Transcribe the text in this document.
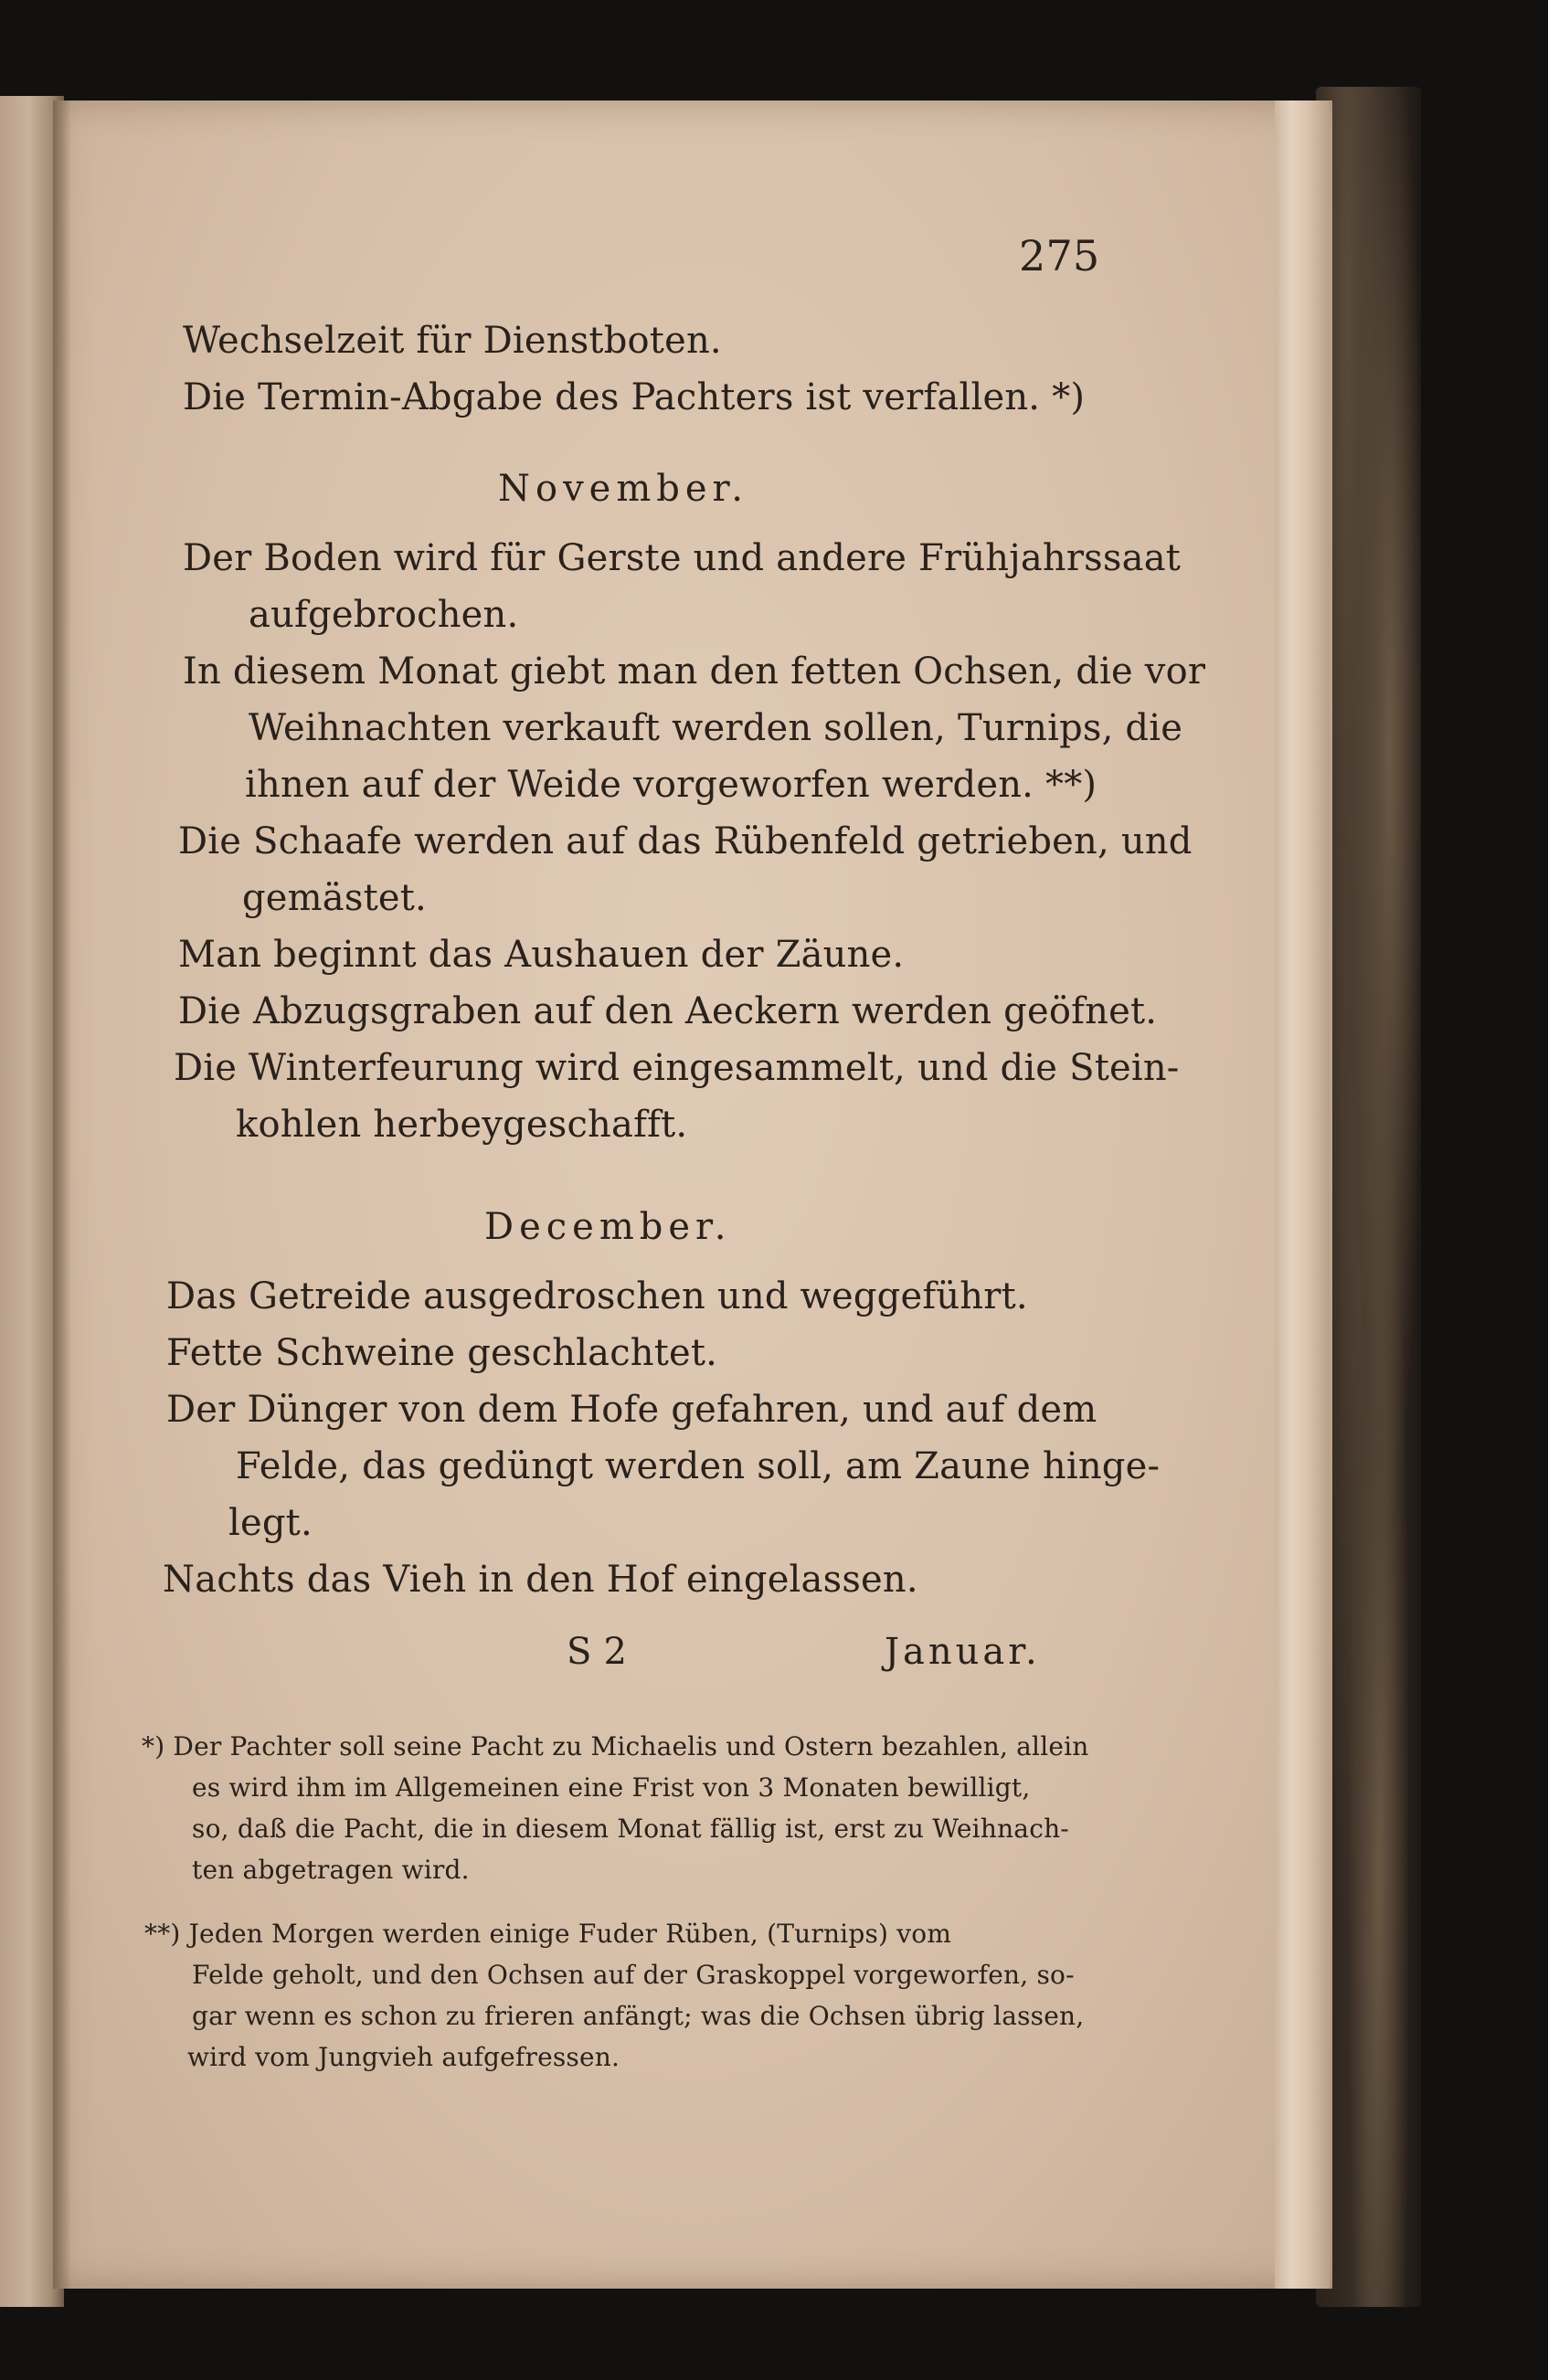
275
Wechselzeit für Dienstboten.
Die Termin-Abgabe des Pachters ist verfallen. *)
November.
Der Boden wird für Gerste und andere Frühjahrssaat
aufgebrochen.
In diesem Monat giebt man den fetten Ochsen, die vor
Weihnachten verkauft werden sollen, Turnips, die
ihnen auf der Weide vorgeworfen werden. **)
Die Schaafe werden auf das Rübenfeld getrieben, und
gemästet.
Man beginnt das Aushauen der Zäune.
Die Abzugsgraben auf den Aeckern werden geöfnet.
Die Winterfeurung wird eingesammelt, und die Stein-
kohlen herbeygeschafft.
December.
Das Getreide ausgedroschen und weggeführt.
Fette Schweine geschlachtet.
Der Dünger von dem Hofe gefahren, und auf dem
Felde, das gedüngt werden soll, am Zaune hinge-
legt.
Nachts das Vieh in den Hof eingelassen.
S 2	Januar.
*) Der Pachter soll seine Pacht zu Michaelis und Ostern bezahlen, allein
es wird ihm im Allgemeinen eine Frist von 3 Monaten bewilligt,
so, daß die Pacht, die in diesem Monat fällig ist, erst zu Weihnach-
ten abgetragen wird.
**) Jeden Morgen werden einige Fuder Rüben, (Turnips) vom
Felde geholt, und den Ochsen auf der Graskoppel vorgeworfen, so-
gar wenn es schon zu frieren anfängt; was die Ochsen übrig lassen,
wird vom Jungvieh aufgefressen.
